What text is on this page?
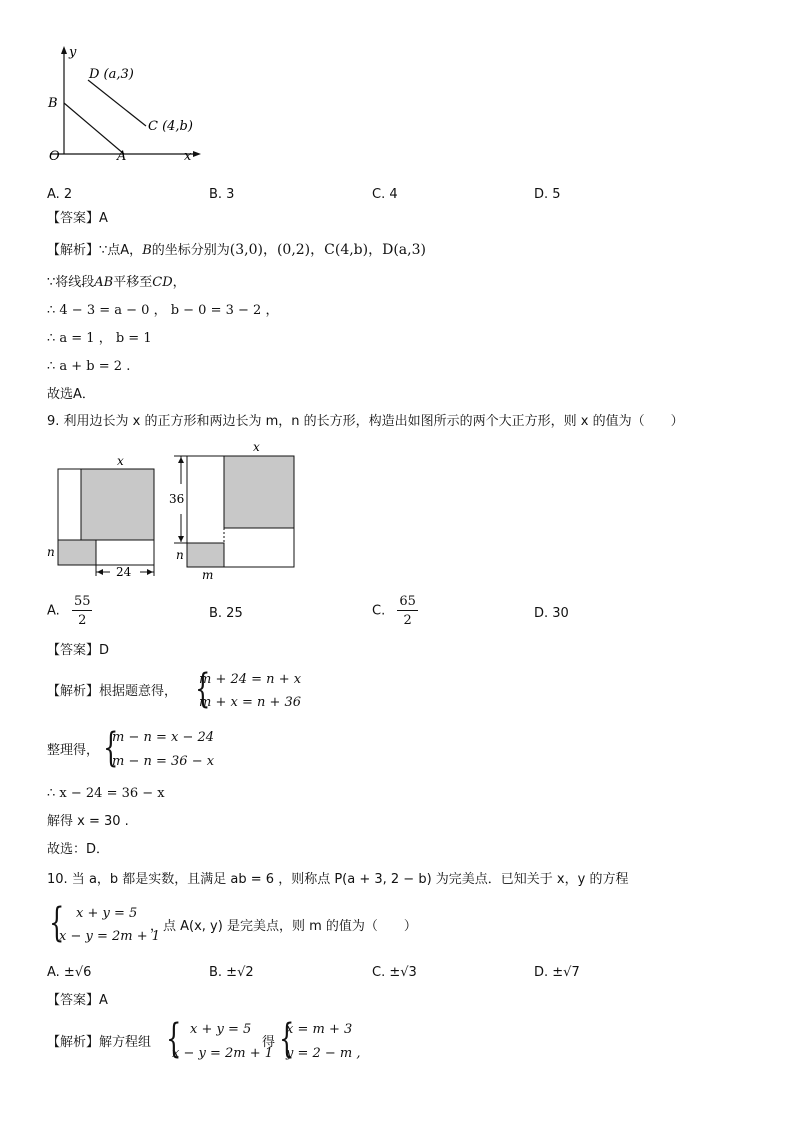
y
x
O
B
A
D (a,3)
C (4,b)
A. 2	B. 3	C. 4	D. 5
【答案】A
【解析】∵点A，B的坐标分别为(3,0)，(0,2)，C(4,b)，D(a,3)
∵将线段AB平移至CD，
∴ 4 − 3 = a − 0 ， b − 0 = 3 − 2 ，
∴ a = 1 ， b = 1
∴ a + b = 2 .
故选A．
9. 利用边长为 x 的正方形和两边长为 m，n 的长方形，构造出如图所示的两个大正方形，则 x 的值为（　　）
x
n
24
x
36
n
m
A. $\frac{55}{2}$	B. 25	C. $\frac{65}{2}$	D. 30
【答案】D
【解析】根据题意得， {
m + 24 = n + x
m + x = n + 36
整理得， {
m − n = x − 24
m − n = 36 − x
∴ x − 24 = 36 − x
解得 x = 30 .
故选：D．
10. 当 a，b 都是实数，且满足 ab = 6 ，则称点 P(a + 3, 2 − b) 为完美点．已知关于 x，y 的方程
{ x + y = 5
x − y = 2m + 1
，点 A(x, y) 是完美点，则 m 的值为（　　）
A. ±√6	B. ±√2	C. ±√3	D. ±√7
【答案】A
【解析】解方程组 { x + y = 5
x − y = 2m + 1
得 {
x = m + 3
y = 2 − m ,
